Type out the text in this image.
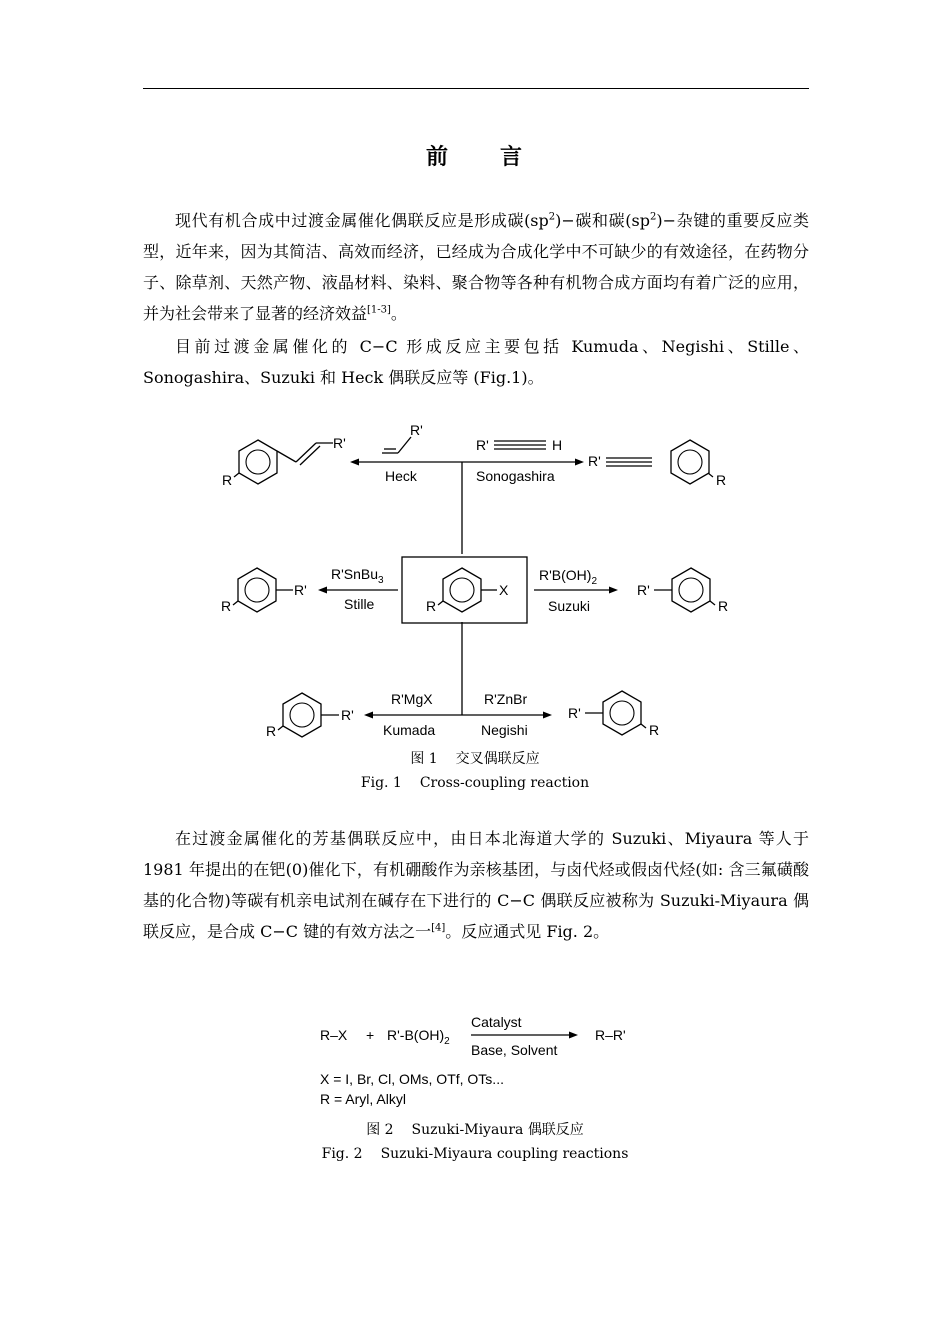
前 言

现代有机合成中过渡金属催化偶联反应是形成碳$(sp^2)-$碳和碳$(sp^2)-$杂键的重要反应类型，近年来，因为其简洁、高效而经济，已经成为合成化学中不可缺少的有效途径，在药物分子、除草剂、天然产物、液晶材料、染料、聚合物等各种有机物合成方面均有着广泛的应用，并为社会带来了显著的经济效益[1-3]。

目前过渡金属催化的 C−C 形成反应主要包括 Kumuda、Negishi、Stille、Sonogashira、Suzuki 和 Heck 偶联反应等 (Fig.1)。

R'
R
R'
Heck
R'	H
Sonogashira
R'
R
R'
R
R'SnBu$_3$
Stille
X
R
$R'B(OH)_2$
Suzuki
R'
R
R'
R
R'MgX
Kumada
R'ZnBr
Negishi
R'
R
图 1 交叉偶联反应
Fig. 1 Cross-coupling reaction

在过渡金属催化的芳基偶联反应中，由日本北海道大学的 Suzuki、Miyaura 等人于 1981 年提出的在钯(0)催化下，有机硼酸作为亲核基团，与卤代烃或假卤代烃(如: 含三氟磺酸基的化合物)等碳有机亲电试剂在碱存在下进行的 C−C 偶联反应被称为 Suzuki-Miyaura 偶联反应，是合成 C−C 键的有效方法之一[4]。反应通式见 Fig. 2。

$R-X + R'-B(OH)_2$
Catalyst
Base, Solvent
R–R'
X = I, Br, Cl, OMs, OTf, OTs...
R = Aryl, Alkyl
图 2 Suzuki-Miyaura 偶联反应
Fig. 2 Suzuki-Miyaura coupling reactions
